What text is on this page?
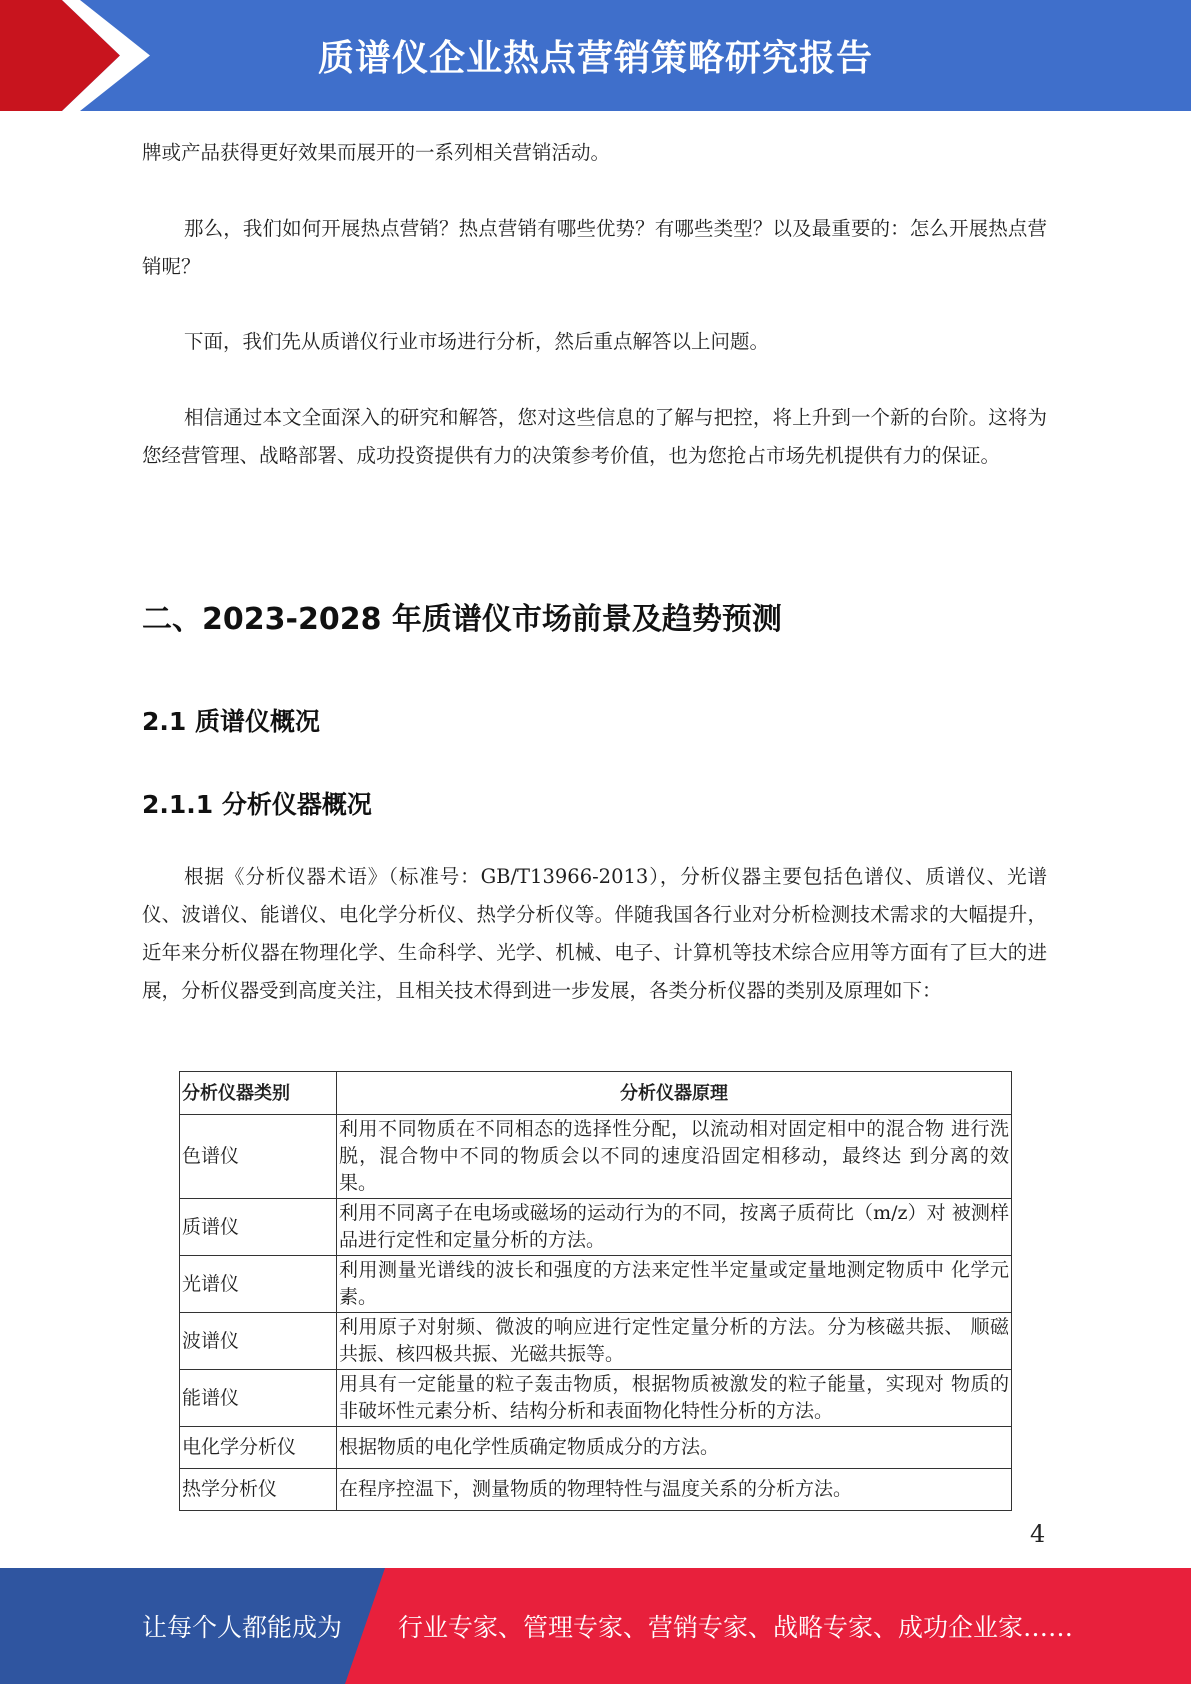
质谱仪企业热点营销策略研究报告

牌或产品获得更好效果而展开的一系列相关营销活动。

那么，我们如何开展热点营销？热点营销有哪些优势？有哪些类型？以及最重要的：怎么开展热点营销呢？

下面，我们先从质谱仪行业市场进行分析，然后重点解答以上问题。

相信通过本文全面深入的研究和解答，您对这些信息的了解与把控，将上升到一个新的台阶。这将为您经营管理、战略部署、成功投资提供有力的决策参考价值，也为您抢占市场先机提供有力的保证。

二、2023-2028 年质谱仪市场前景及趋势预测
2.1 质谱仪概况
2.1.1 分析仪器概况

根据《分析仪器术语》（标准号：GB/T13966-2013），分析仪器主要包括色谱仪、质谱仪、光谱仪、波谱仪、能谱仪、电化学分析仪、热学分析仪等。伴随我国各行业对分析检测技术需求的大幅提升，近年来分析仪器在物理化学、生命科学、光学、机械、电子、计算机等技术综合应用等方面有了巨大的进展，分析仪器受到高度关注，且相关技术得到进一步发展，各类分析仪器的类别及原理如下：

分析仪器类别	分析仪器原理
色谱仪	利用不同物质在不同相态的选择性分配，以流动相对固定相中的混合物 进行洗脱，混合物中不同的物质会以不同的速度沿固定相移动，最终达 到分离的效果。
质谱仪	利用不同离子在电场或磁场的运动行为的不同，按离子质荷比（m/z）对 被测样品进行定性和定量分析的方法。
光谱仪	利用测量光谱线的波长和强度的方法来定性半定量或定量地测定物质中 化学元素。
波谱仪	利用原子对射频、微波的响应进行定性定量分析的方法。分为核磁共振、 顺磁共振、核四极共振、光磁共振等。
能谱仪	用具有一定能量的粒子轰击物质，根据物质被激发的粒子能量，实现对 物质的非破坏性元素分析、结构分析和表面物化特性分析的方法。
电化学分析仪	根据物质的电化学性质确定物质成分的方法。
热学分析仪	在程序控温下，测量物质的物理特性与温度关系的分析方法。
4
让每个人都能成为 行业专家、管理专家、营销专家、战略专家、成功企业家……
